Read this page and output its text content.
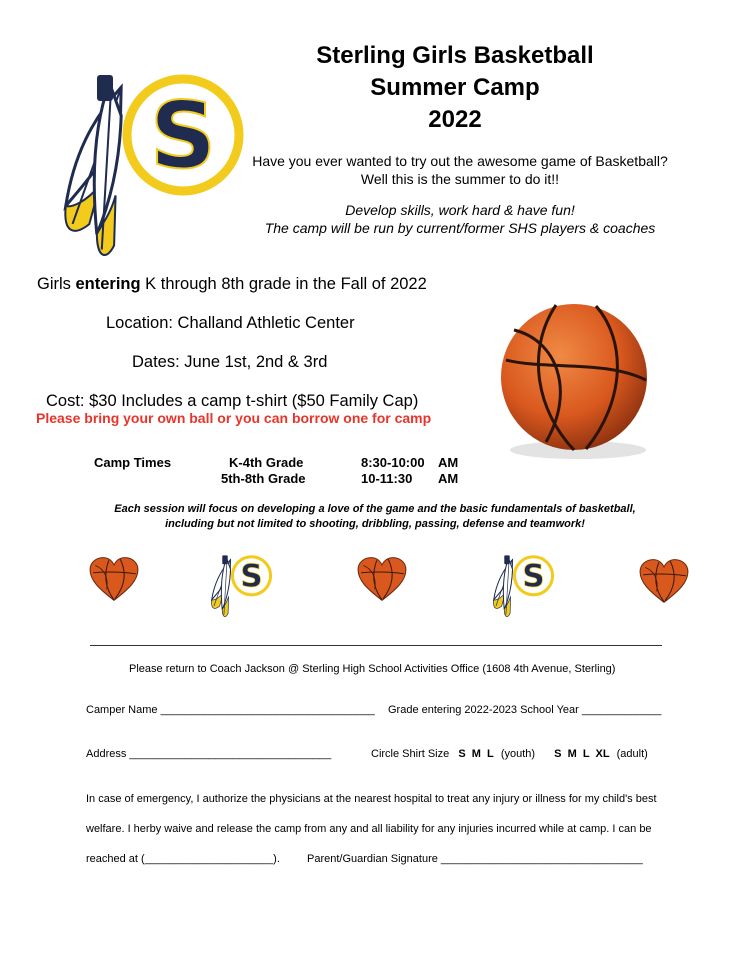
Sterling Girls Basketball
Summer Camp
2022
Have you ever wanted to try out the awesome game of Basketball?
Well this is the summer to do it!!
Develop skills, work hard & have fun!
The camp will be run by current/former SHS players & coaches
Girls entering K through 8th grade in the Fall of 2022
Location: Challand Athletic Center
Dates: June 1st, 2nd & 3rd
Cost: $30 Includes a camp t-shirt ($50 Family Cap)
Please bring your own ball or you can borrow one for camp
Camp Times	K-4th Grade
5th-8th Grade
8:30-10:00
10-11:30
AM
AM
Each session will focus on developing a love of the game and the basic fundamentals of basketball,
including but not limited to shooting, dribbling, passing, defense and teamwork!
Please return to Coach Jackson @ Sterling High School Activities Office (1608 4th Avenue, Sterling)
Camper Name ___________________________________ Grade entering 2022-2023 School Year _____________
Address _________________________________	Circle Shirt Size S  M  L (youth) S  M  L  XL (adult)
In case of emergency, I authorize the physicians at the nearest hospital to treat any injury or illness for my child's best
welfare. I herby waive and release the camp from any and all liability for any injuries incurred while at camp. I can be
reached at (_____________________). Parent/Guardian Signature _________________________________
